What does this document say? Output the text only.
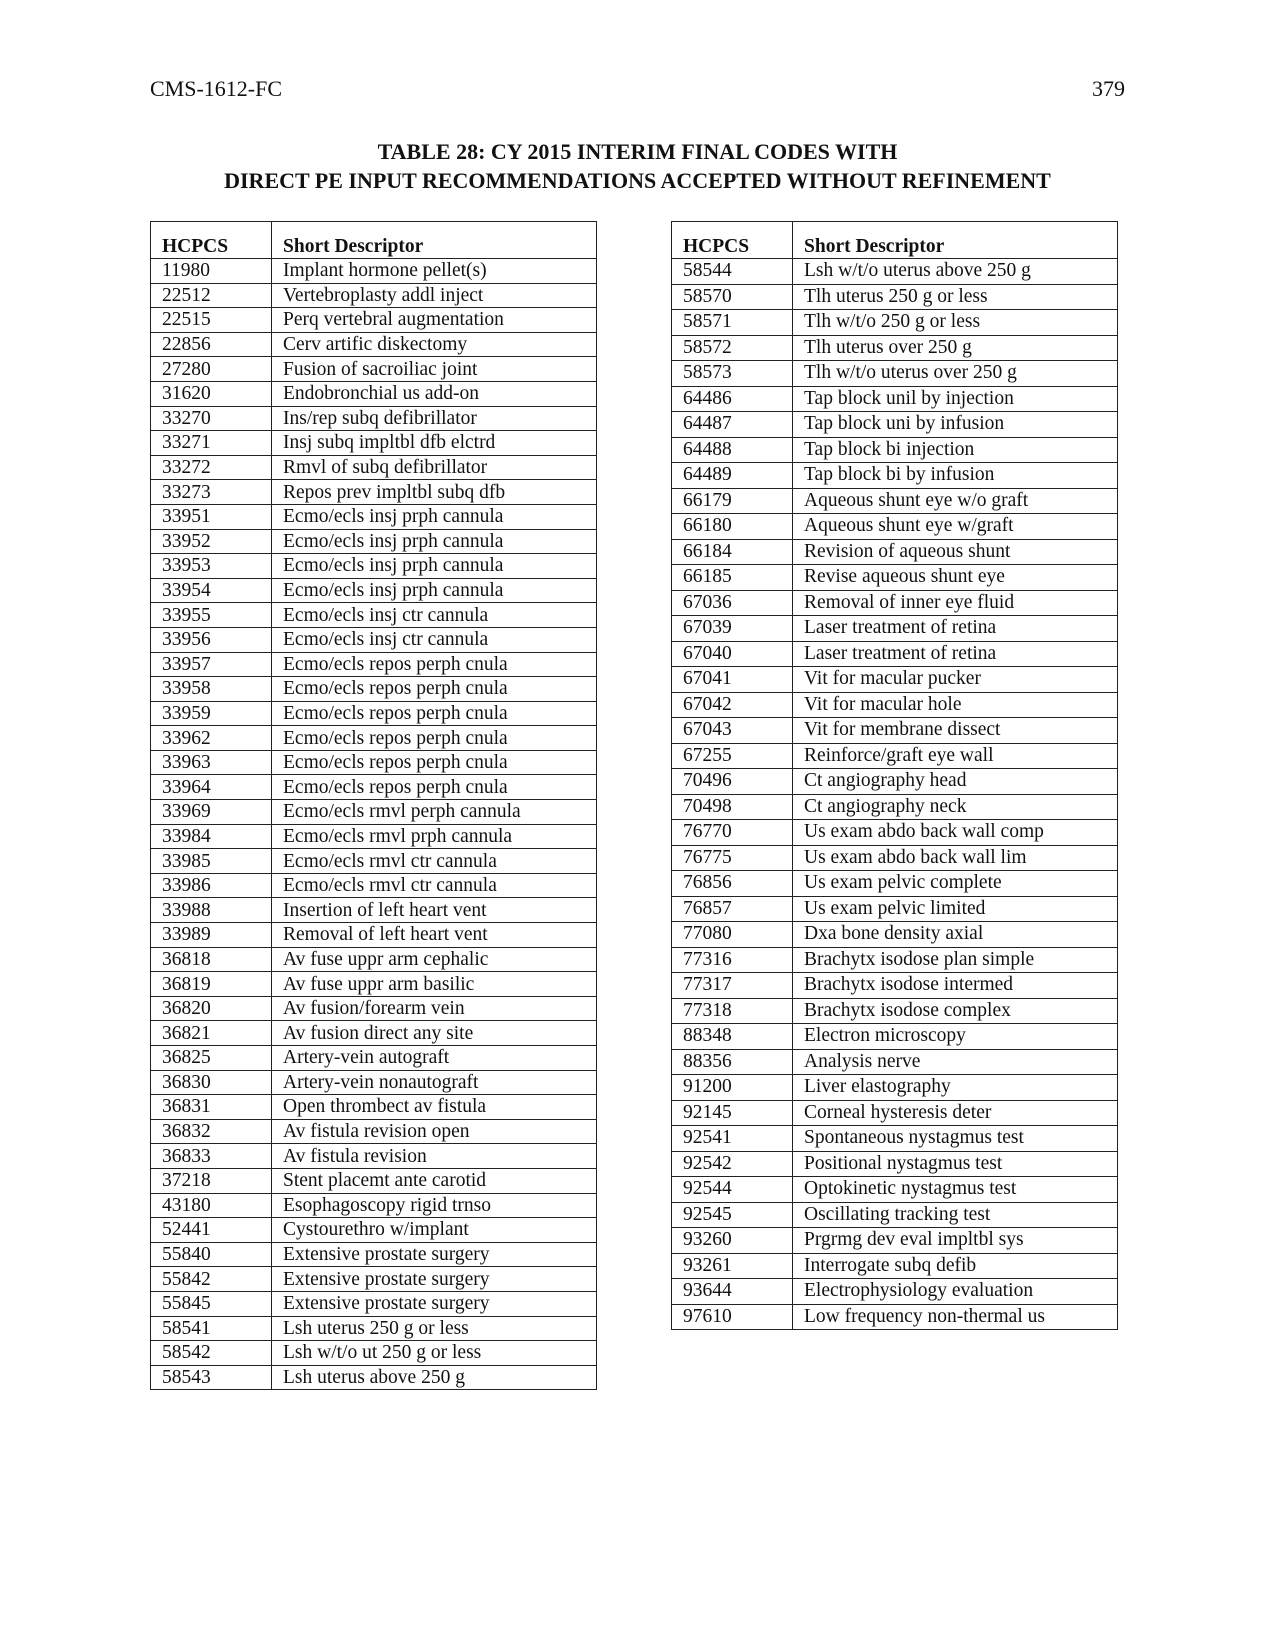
CMS-1612-FC	379
TABLE 28: CY 2015 INTERIM FINAL CODES WITH
DIRECT PE INPUT RECOMMENDATIONS ACCEPTED WITHOUT REFINEMENT
HCPCS	Short Descriptor
11980	Implant hormone pellet(s)
22512	Vertebroplasty addl inject
22515	Perq vertebral augmentation
22856	Cerv artific diskectomy
27280	Fusion of sacroiliac joint
31620	Endobronchial us add-on
33270	Ins/rep subq defibrillator
33271	Insj subq impltbl dfb elctrd
33272	Rmvl of subq defibrillator
33273	Repos prev impltbl subq dfb
33951	Ecmo/ecls insj prph cannula
33952	Ecmo/ecls insj prph cannula
33953	Ecmo/ecls insj prph cannula
33954	Ecmo/ecls insj prph cannula
33955	Ecmo/ecls insj ctr cannula
33956	Ecmo/ecls insj ctr cannula
33957	Ecmo/ecls repos perph cnula
33958	Ecmo/ecls repos perph cnula
33959	Ecmo/ecls repos perph cnula
33962	Ecmo/ecls repos perph cnula
33963	Ecmo/ecls repos perph cnula
33964	Ecmo/ecls repos perph cnula
33969	Ecmo/ecls rmvl perph cannula
33984	Ecmo/ecls rmvl prph cannula
33985	Ecmo/ecls rmvl ctr cannula
33986	Ecmo/ecls rmvl ctr cannula
33988	Insertion of left heart vent
33989	Removal of left heart vent
36818	Av fuse uppr arm cephalic
36819	Av fuse uppr arm basilic
36820	Av fusion/forearm vein
36821	Av fusion direct any site
36825	Artery-vein autograft
36830	Artery-vein nonautograft
36831	Open thrombect av fistula
36832	Av fistula revision open
36833	Av fistula revision
37218	Stent placemt ante carotid
43180	Esophagoscopy rigid trnso
52441	Cystourethro w/implant
55840	Extensive prostate surgery
55842	Extensive prostate surgery
55845	Extensive prostate surgery
58541	Lsh uterus 250 g or less
58542	Lsh w/t/o ut 250 g or less
58543	Lsh uterus above 250 g
HCPCS	Short Descriptor
58544	Lsh w/t/o uterus above 250 g
58570	Tlh uterus 250 g or less
58571	Tlh w/t/o 250 g or less
58572	Tlh uterus over 250 g
58573	Tlh w/t/o uterus over 250 g
64486	Tap block unil by injection
64487	Tap block uni by infusion
64488	Tap block bi injection
64489	Tap block bi by infusion
66179	Aqueous shunt eye w/o graft
66180	Aqueous shunt eye w/graft
66184	Revision of aqueous shunt
66185	Revise aqueous shunt eye
67036	Removal of inner eye fluid
67039	Laser treatment of retina
67040	Laser treatment of retina
67041	Vit for macular pucker
67042	Vit for macular hole
67043	Vit for membrane dissect
67255	Reinforce/graft eye wall
70496	Ct angiography head
70498	Ct angiography neck
76770	Us exam abdo back wall comp
76775	Us exam abdo back wall lim
76856	Us exam pelvic complete
76857	Us exam pelvic limited
77080	Dxa bone density axial
77316	Brachytx isodose plan simple
77317	Brachytx isodose intermed
77318	Brachytx isodose complex
88348	Electron microscopy
88356	Analysis nerve
91200	Liver elastography
92145	Corneal hysteresis deter
92541	Spontaneous nystagmus test
92542	Positional nystagmus test
92544	Optokinetic nystagmus test
92545	Oscillating tracking test
93260	Prgrmg dev eval impltbl sys
93261	Interrogate subq defib
93644	Electrophysiology evaluation
97610	Low frequency non-thermal us
